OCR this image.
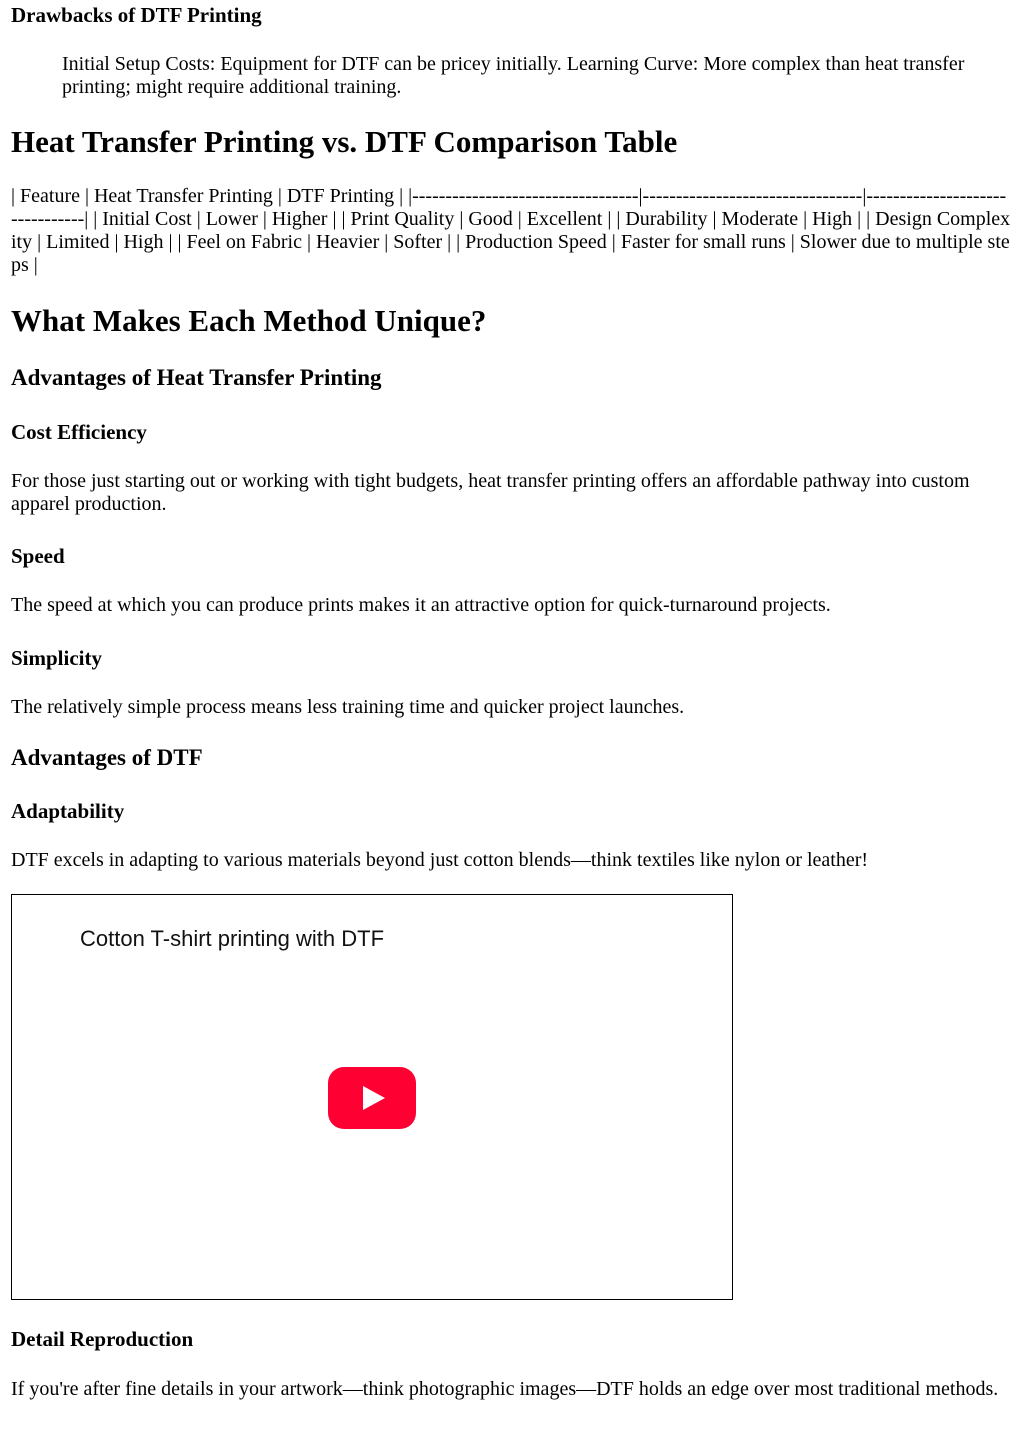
Drawbacks of DTF Printing
Initial Setup Costs: Equipment for DTF can be pricey initially. Learning Curve: More complex than heat transfer printing; might require additional training.
Heat Transfer Printing vs. DTF Comparison Table

| Feature | Heat Transfer Printing | DTF Printing | |----------------------------------|---------------------------------|--------------------------------| | Initial Cost | Lower | Higher | | Print Quality | Good | Excellent | | Durability | Moderate | High | | Design Complexity | Limited | High | | Feel on Fabric | Heavier | Softer | | Production Speed | Faster for small runs | Slower due to multiple steps |

What Makes Each Method Unique?
Advantages of Heat Transfer Printing
Cost Efficiency

For those just starting out or working with tight budgets, heat transfer printing offers an affordable pathway into custom apparel production.

Speed

The speed at which you can produce prints makes it an attractive option for quick-turnaround projects.

Simplicity

The relatively simple process means less training time and quicker project launches.

Advantages of DTF
Adaptability

DTF excels in adapting to various materials beyond just cotton blends—think textiles like nylon or leather!

Detail Reproduction

If you're after fine details in your artwork—think photographic images—DTF holds an edge over most traditional methods.

Cotton T-shirt printing with DTF
